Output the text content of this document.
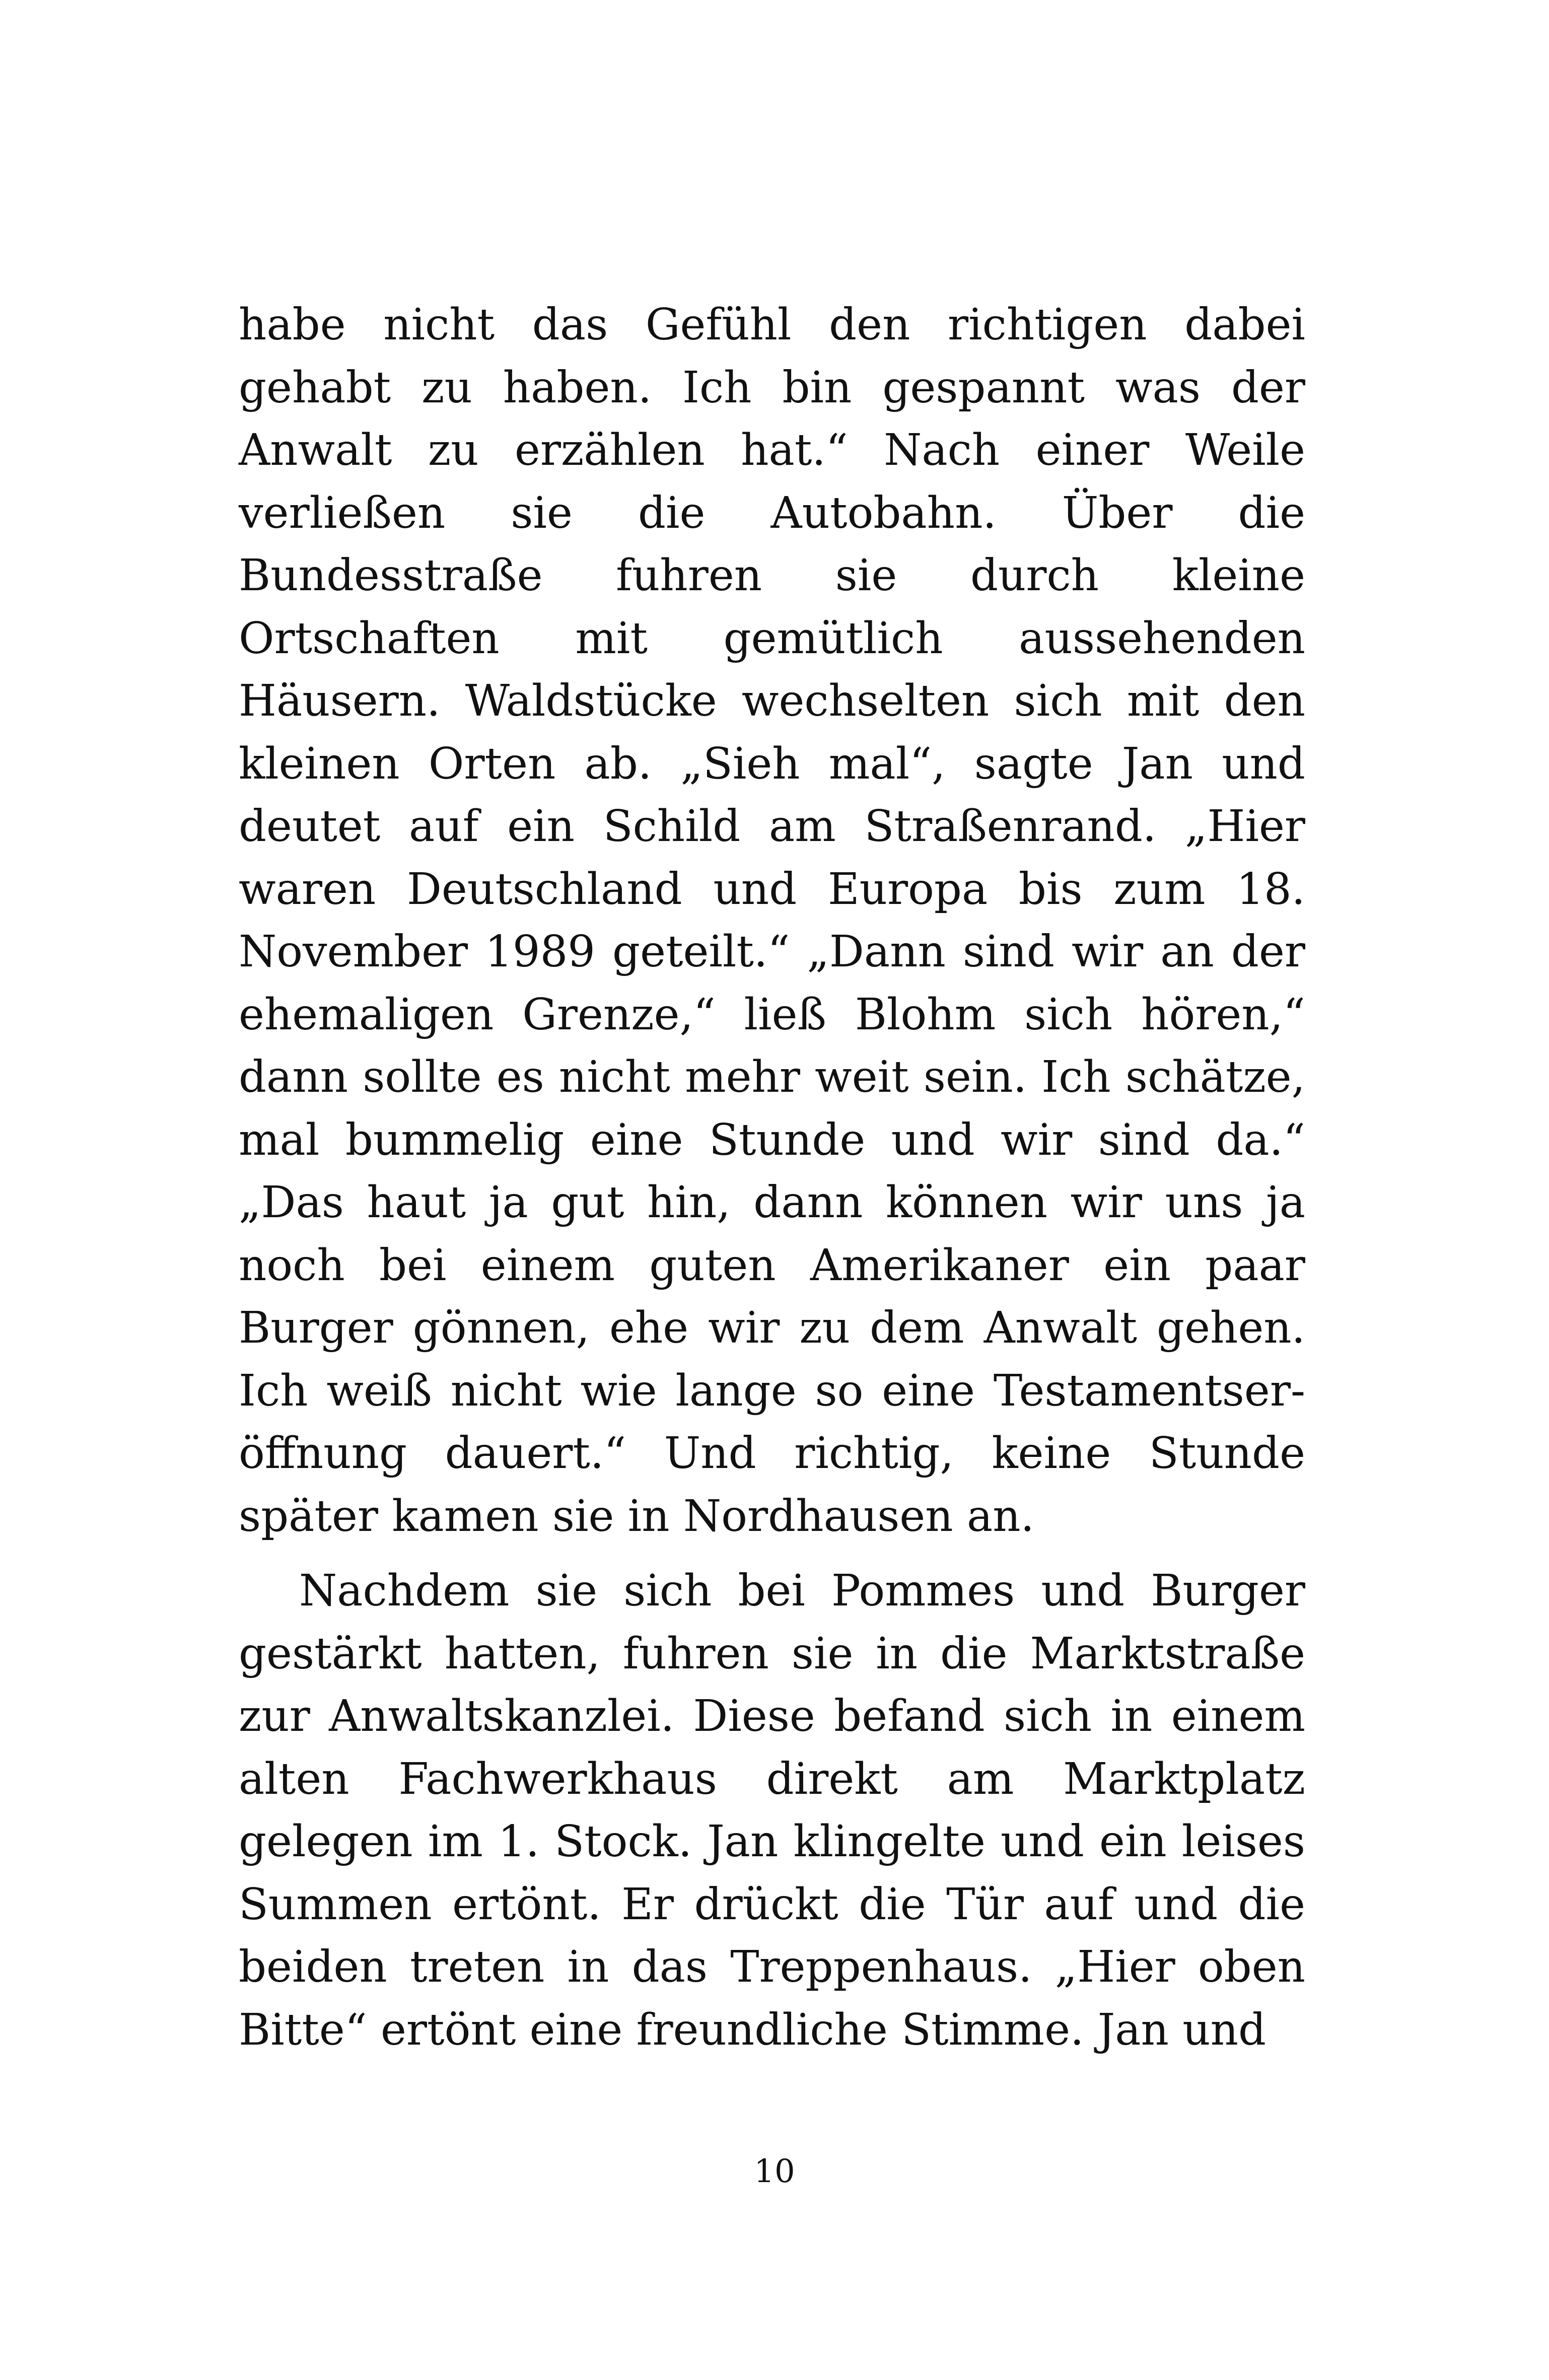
habe nicht das Gefühl den richtigen dabei gehabt zu haben. Ich bin gespannt was der Anwalt zu erzählen hat.“ Nach einer Weile verließen sie die Autobahn. Über die Bundesstraße fuhren sie durch kleine Ortschaften mit gemütlich aussehenden Häusern. Waldstücke wechselten sich mit den kleinen Orten ab. „Sieh mal“, sagte Jan und deutet auf ein Schild am Straßenrand. „Hier waren Deutschland und Europa bis zum 18. November 1989 geteilt.“ „Dann sind wir an der ehemaligen Grenze,“ ließ Blohm sich hören,“ dann sollte es nicht mehr weit sein. Ich schätze, mal bummelig eine Stunde und wir sind da.“ „Das haut ja gut hin, dann können wir uns ja noch bei einem guten Amerikaner ein paar Burger gönnen, ehe wir zu dem Anwalt gehen. Ich weiß nicht wie lange so eine Testamentseröffnung dauert.“ Und richtig, keine Stunde später kamen sie in Nordhausen an.

Nachdem sie sich bei Pommes und Burger gestärkt hatten, fuhren sie in die Marktstraße zur Anwaltskanzlei. Diese befand sich in einem alten Fachwerkhaus direkt am Marktplatz gelegen im 1. Stock. Jan klingelte und ein leises Summen ertönt. Er drückt die Tür auf und die beiden treten in das Treppenhaus. „Hier oben Bitte“ ertönt eine freundliche Stimme. Jan und

10
